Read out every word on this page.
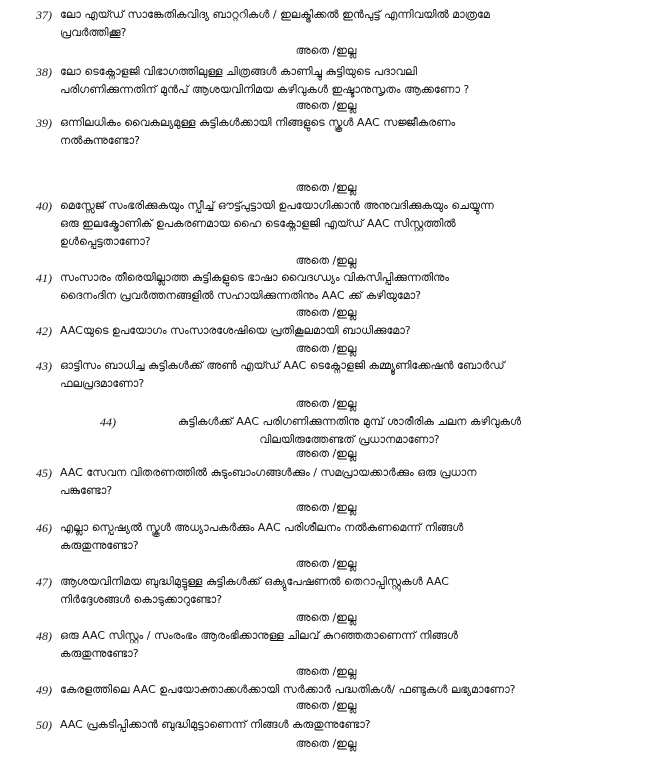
37) ലോ എയ്ഡ് സാങ്കേതികവിദ്യ ബാറ്ററികൾ / ഇലക്ട്രിക്കൽ ഇൻപുട്ട് എന്നിവയിൽ മാത്രമേ
പ്രവർത്തിക്കൂ?
അതെ /ഇല്ല
38) ലോ ടെക്നോളജി വിഭാഗത്തിലുള്ള ചിത്രങ്ങൾ കാണിച്ചു കുട്ടിയുടെ പദാവലി
പരിഗണിക്കുന്നതിന് മുൻപ് ആശയവിനിമയ കഴിവുകൾ ഇഷ്ടാനുസൃതം ആക്കണോ ?
അതെ /ഇല്ല
39) ഒന്നിലധികം വൈകല്യമുള്ള കുട്ടികൾക്കായി നിങ്ങളുടെ സ്കൂൾ AAC സജ്ജീകരണം
നൽകുന്നുണ്ടോ?
അതെ /ഇല്ല
40) മെസ്സേജ് സംഭരിക്കുകയും സ്പീച്ച് ഔട്ട്പുട്ടായി ഉപയോഗിക്കാൻ അനുവദിക്കുകയും ചെയ്യുന്ന
ഒരു ഇലക്ട്രോണിക് ഉപകരണമായ ഹൈ ടെക്നോളജി എയ്ഡ് AAC സിസ്റ്റത്തിൽ
ഉൾപ്പെട്ടതാണോ?
അതെ /ഇല്ല
41) സംസാരം തീരെയില്ലാത്ത കുട്ടികളുടെ ഭാഷാ വൈദഗ്ധ്യം വികസിപ്പിക്കുന്നതിനും
ദൈനംദിന പ്രവർത്തനങ്ങളിൽ സഹായിക്കുന്നതിനും AAC ക്ക് കഴിയുമോ?
അതെ /ഇല്ല
42) AACയുടെ ഉപയോഗം സംസാരശേഷിയെ പ്രതികൂലമായി ബാധിക്കുമോ?
അതെ /ഇല്ല
43) ഓട്ടിസം ബാധിച്ച കുട്ടികൾക്ക് അൺ എയ്ഡ് AAC ടെക്നോളജി കമ്മ്യൂണിക്കേഷൻ ബോർഡ്
ഫലപ്രദമാണോ?
അതെ /ഇല്ല
44)	കുട്ടികൾക്ക് AAC പരിഗണിക്കുന്നതിനു മുമ്പ് ശാരീരിക ചലന കഴിവുകൾ
വിലയിരുത്തേണ്ടത് പ്രധാനമാണോ?
അതെ /ഇല്ല
45) AAC സേവന വിതരണത്തിൽ കുടുംബാംഗങ്ങൾക്കും / സമപ്രായക്കാർക്കും ഒരു പ്രധാന
പങ്കുണ്ടോ?
അതെ /ഇല്ല
46) എല്ലാ സ്പെഷ്യൽ സ്കൂൾ അധ്യാപകർക്കും AAC പരിശീലനം നൽകണമെന്ന് നിങ്ങൾ
കരുതുന്നുണ്ടോ?
അതെ /ഇല്ല
47) ആശയവിനിമയ ബുദ്ധിമുട്ടുള്ള കുട്ടികൾക്ക് ഒക്യുപേഷണൽ തെറാപ്പിസ്റ്റുകൾ AAC
നിർദ്ദേശങ്ങൾ കൊടുക്കാറുണ്ടോ?
അതെ /ഇല്ല
48) ഒരു AAC സിസ്റ്റം / സംരംഭം ആരംഭിക്കാനുള്ള ചിലവ് കുറഞ്ഞതാണെന്ന് നിങ്ങൾ
കരുതുന്നുണ്ടോ?
അതെ /ഇല്ല
49) കേരളത്തിലെ AAC ഉപയോക്താക്കൾക്കായി സർക്കാർ പദ്ധതികൾ/ ഫണ്ടുകൾ ലഭ്യമാണോ?
അതെ /ഇല്ല
50) AAC പ്രകടിപ്പിക്കാൻ ബുദ്ധിമുട്ടാണെന്ന് നിങ്ങൾ കരുതുന്നുണ്ടോ?
അതെ /ഇല്ല
